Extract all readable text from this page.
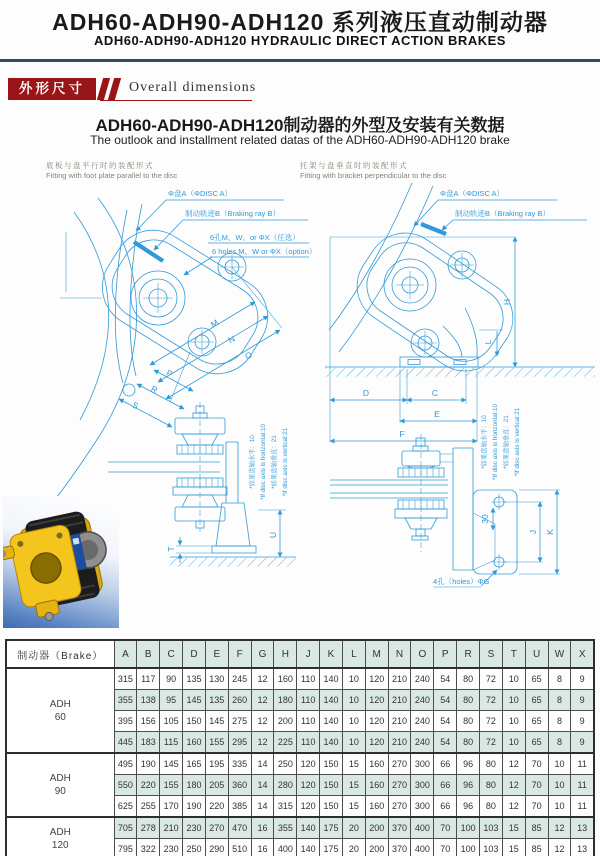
ADH60-ADH90-ADH120 系列液压直动制动器
ADH60-ADH90-ADH120 HYDRAULIC DIRECT ACTION BRAKES
外形尺寸	Overall dimensions
ADH60-ADH90-ADH120制动器的外型及安装有关数据
The outlook and installment related datas of the ADH60-ADH90-ADH120 brake
底板与盘平行时的装配形式
Fitting with foot plate parallel to the disc
托架与盘垂直时的装配形式
Fitting with bracket perpendicular to the disc
Φ盘A（ΦDISC A）
制动轨迹B（Braking ray B）
6孔M、W、or ΦX（任选）
6 holes M、W or ΦX（option）
M
N
O
P
R
S
T
U
*如果盘轴水平：10 *If disc axis is horizontal:10 *如果盘轴垂直：21 *If disc axis is vertical:21
Φ盘A（ΦDISC A）
制动轨迹B（Braking ray B）
H
L
D	C
E
F
30
J K
4孔（holes）ΦG
*如果盘轴水平：10 *If disc axis is horizontal:10 *如果盘轴垂直：21 *If disc axis is vertical:21
制动器（Brake）	A	B	C	D	E	F	G	H	J	K	L	M	N	O	P	R	S	T	U	W	X

ADH
60	315	117	90	135	130	245	12	160	110	140	10	120	210	240	54	80	72	10	65	8	9
	355	138	95	145	135	260	12	180	110	140	10	120	210	240	54	80	72	10	65	8	9
	395	156	105	150	145	275	12	200	110	140	10	120	210	240	54	80	72	10	65	8	9
	445	183	115	160	155	295	12	225	110	140	10	120	210	240	54	80	72	10	65	8	9

ADH
90	495	190	145	165	195	335	14	250	120	150	15	160	270	300	66	96	80	12	70	10	11
	550	220	155	180	205	360	14	280	120	150	15	160	270	300	66	96	80	12	70	10	11
	625	255	170	190	220	385	14	315	120	150	15	160	270	300	66	96	80	12	70	10	11

ADH
120	705	278	210	230	270	470	16	355	140	175	20	200	370	400	70	100	103	15	85	12	13
	795	322	230	250	290	510	16	400	140	175	20	200	370	400	70	100	103	15	85	12	13
